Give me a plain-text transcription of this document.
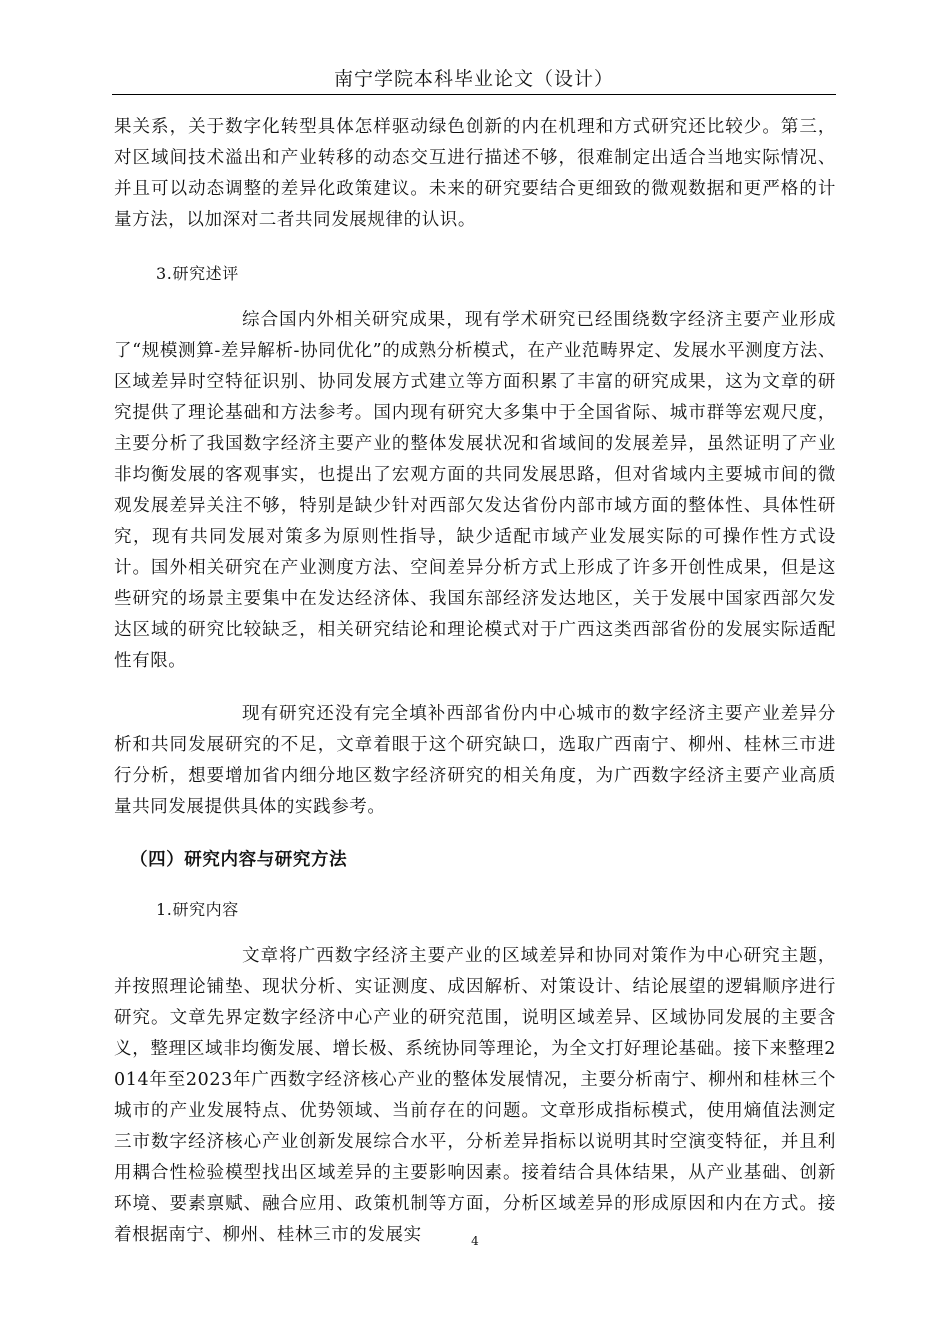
南宁学院本科毕业论文（设计）

果关系，关于数字化转型具体怎样驱动绿色创新的内在机理和方式研究还比较少。第三，对区域间技术溢出和产业转移的动态交互进行描述不够，很难制定出适合当地实际情况、并且可以动态调整的差异化政策建议。未来的研究要结合更细致的微观数据和更严格的计量方法，以加深对二者共同发展规律的认识。

3.研究述评

综合国内外相关研究成果，现有学术研究已经围绕数字经济主要产业形成了“规模测算-差异解析-协同优化”的成熟分析模式，在产业范畴界定、发展水平测度方法、区域差异时空特征识别、协同发展方式建立等方面积累了丰富的研究成果，这为文章的研究提供了理论基础和方法参考。国内现有研究大多集中于全国省际、城市群等宏观尺度，主要分析了我国数字经济主要产业的整体发展状况和省域间的发展差异，虽然证明了产业非均衡发展的客观事实，也提出了宏观方面的共同发展思路，但对省域内主要城市间的微观发展差异关注不够，特别是缺少针对西部欠发达省份内部市域方面的整体性、具体性研究，现有共同发展对策多为原则性指导，缺少适配市域产业发展实际的可操作性方式设计。国外相关研究在产业测度方法、空间差异分析方式上形成了许多开创性成果，但是这些研究的场景主要集中在发达经济体、我国东部经济发达地区，关于发展中国家西部欠发达区域的研究比较缺乏，相关研究结论和理论模式对于广西这类西部省份的发展实际适配性有限。

现有研究还没有完全填补西部省份内中心城市的数字经济主要产业差异分析和共同发展研究的不足，文章着眼于这个研究缺口，选取广西南宁、柳州、桂林三市进行分析，想要增加省内细分地区数字经济研究的相关角度，为广西数字经济主要产业高质量共同发展提供具体的实践参考。

（四）研究内容与研究方法

1.研究内容

文章将广西数字经济主要产业的区域差异和协同对策作为中心研究主题，并按照理论铺垫、现状分析、实证测度、成因解析、对策设计、结论展望的逻辑顺序进行研究。文章先界定数字经济中心产业的研究范围，说明区域差异、区域协同发展的主要含义，整理区域非均衡发展、增长极、系统协同等理论，为全文打好理论基础。接下来整理2014年至2023年广西数字经济核心产业的整体发展情况，主要分析南宁、柳州和桂林三个城市的产业发展特点、优势领域、当前存在的问题。文章形成指标模式，使用熵值法测定三市数字经济核心产业创新发展综合水平，分析差异指标以说明其时空演变特征，并且利用耦合性检验模型找出区域差异的主要影响因素。接着结合具体结果，从产业基础、创新环境、要素禀赋、融合应用、政策机制等方面，分析区域差异的形成原因和内在方式。接着根据南宁、柳州、桂林三市的发展实	4
